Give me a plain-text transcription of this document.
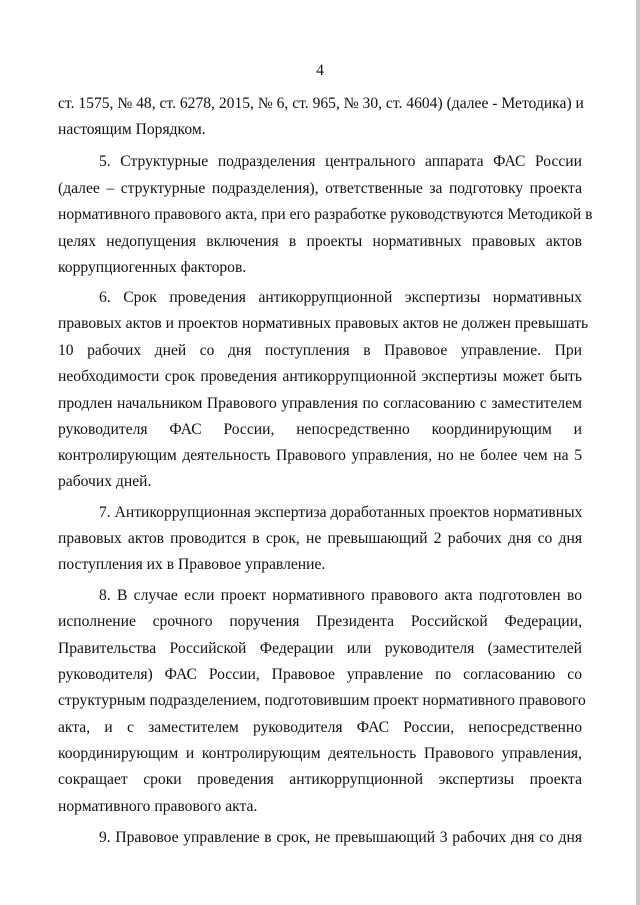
4
ст. 1575, № 48, ст. 6278, 2015, № 6, ст. 965, № 30, ст. 4604) (далее - Методика) и
настоящим Порядком.
5. Структурные подразделения центрального аппарата ФАС России
(далее – структурные подразделения), ответственные за подготовку проекта
нормативного правового акта, при его разработке руководствуются Методикой в
целях недопущения включения в проекты нормативных правовых актов
коррупциогенных факторов.
6. Срок проведения антикоррупционной экспертизы нормативных
правовых актов и проектов нормативных правовых актов не должен превышать
10 рабочих дней со дня поступления в Правовое управление. При
необходимости срок проведения антикоррупционной экспертизы может быть
продлен начальником Правового управления по согласованию с заместителем
руководителя ФАС России, непосредственно координирующим и
контролирующим деятельность Правового управления, но не более чем на 5
рабочих дней.
7. Антикоррупционная экспертиза доработанных проектов нормативных
правовых актов проводится в срок, не превышающий 2 рабочих дня со дня
поступления их в Правовое управление.
8. В случае если проект нормативного правового акта подготовлен во
исполнение срочного поручения Президента Российской Федерации,
Правительства Российской Федерации или руководителя (заместителей
руководителя) ФАС России, Правовое управление по согласованию со
структурным подразделением, подготовившим проект нормативного правового
акта, и с заместителем руководителя ФАС России, непосредственно
координирующим и контролирующим деятельность Правового управления,
сокращает сроки проведения антикоррупционной экспертизы проекта
нормативного правового акта.
9. Правовое управление в срок, не превышающий 3 рабочих дня со дня
